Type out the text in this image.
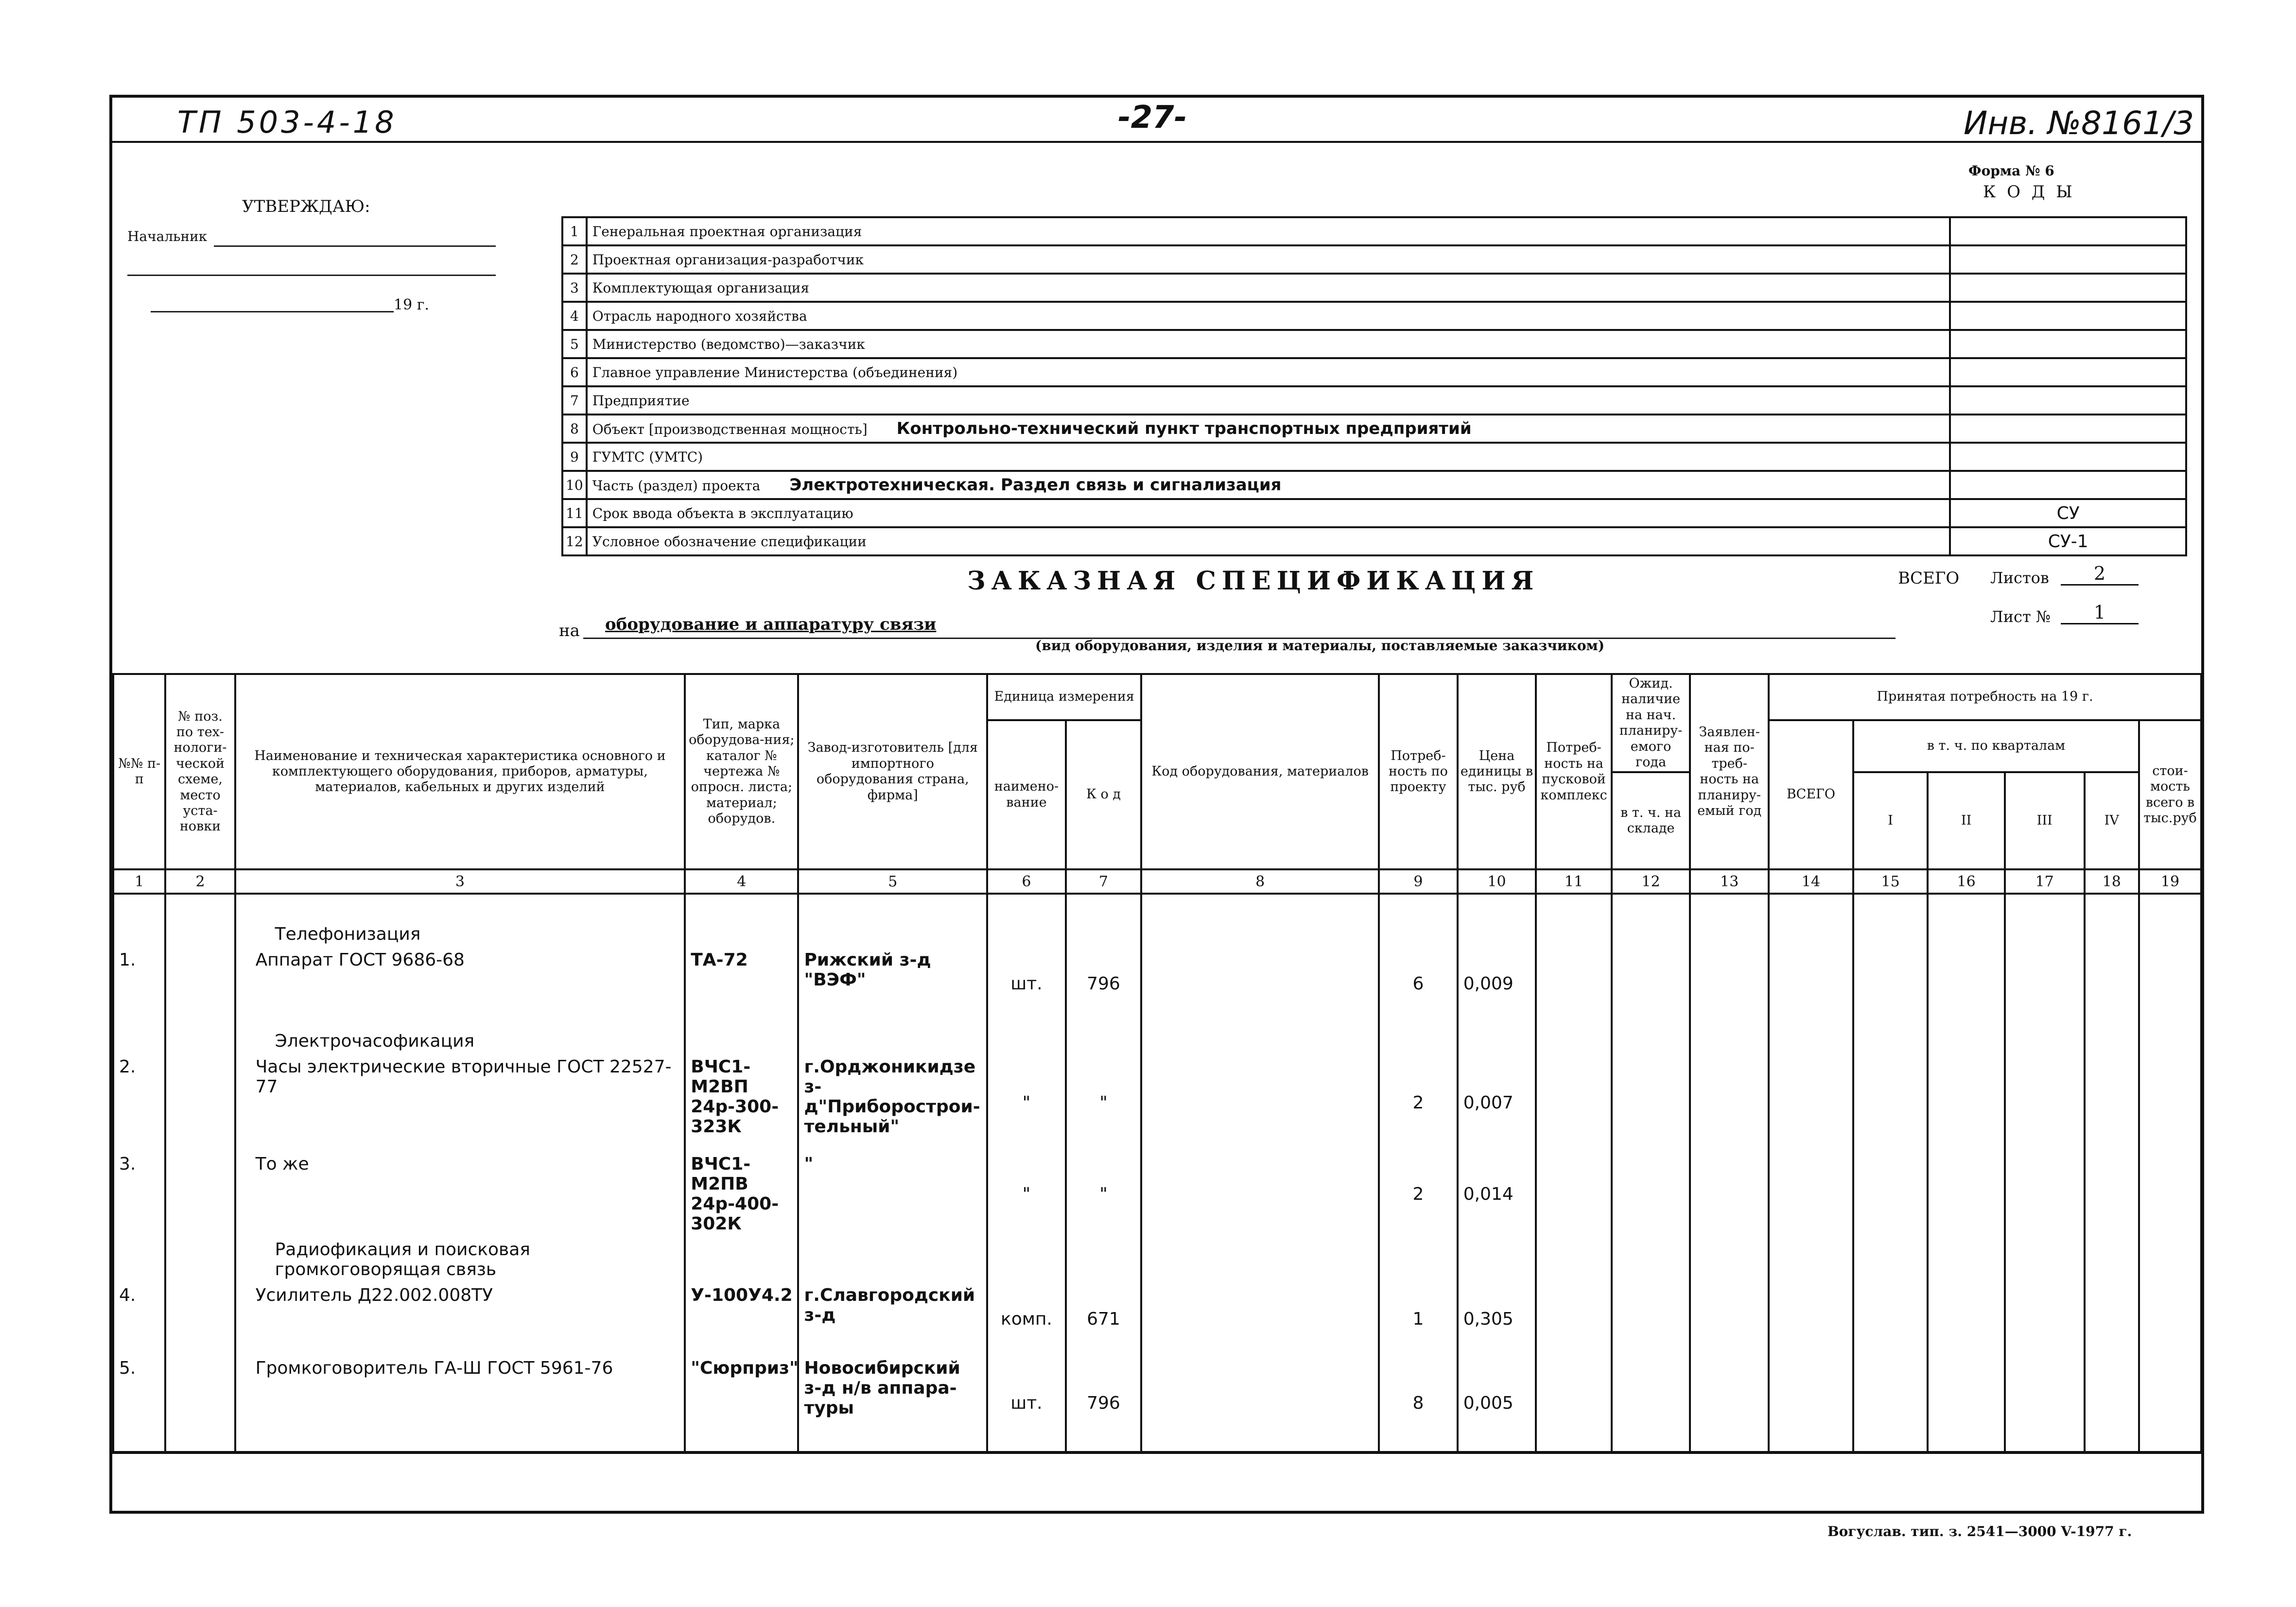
ТП 503-4-18	-27-	Инв. №8161/3
Форма № 6
К О Д Ы
УТВЕРЖДАЮ:
Начальник
19 г.
1	Генеральная проектная организация	
2	Проектная организация-разработчик	
3	Комплектующая организация	
4	Отрасль народного хозяйства	
5	Министерство (ведомство)—заказчик	
6	Главное управление Министерства (объединения)	
7	Предприятие	
8	Объект [производственная мощность] Контрольно-технический пункт транспортных предприятий	
9	ГУМТС (УМТС)	
10	Часть (раздел) проекта Электротехническая. Раздел связь и сигнализация	
11	Срок ввода объекта в эксплуатацию	СУ
12	Условное обозначение спецификации	СУ-1
ЗАКАЗНАЯ СПЕЦИФИКАЦИЯ
на оборудование и аппаратуру связи
(вид оборудования, изделия и материалы, поставляемые заказчиком)
ВСЕГО Листов	2
Лист №	1
№№ п-п	№ поз. по тех-нологи-ческой схеме, место уста-новки	Наименование и техническая характеристика основного и комплектующего оборудования, приборов, арматуры, материалов, кабельных и других изделий	Тип, марка оборудова-ния; каталог № чертежа № опросн. листа; материал; оборудов.	Завод-изготовитель [для импортного оборудования страна, фирма]	Единица измерения		Код оборудования, материалов	Потреб-ность по проекту	Цена единицы в тыс. руб	Потреб-ность на пусковой комплекс	Ожид. наличие на нач. планиру-емого года	Заявлен-ная по-треб-ность на планиру-емый год	Принятая потребность на 19 г.					
					наимено-вание	К о д							ВСЕГО	в т. ч. по кварталам				стои-мость всего в тыс.руб
											в т. ч. на складе			I	II	III	IV	
1	2	3	4	5	6	7	8	9	10	11	12	13	14	15	16	17	18	19
		Телефонизация																
1.		Аппарат ГОСТ 9686-68	ТА-72	Рижский з-д "ВЭФ"	шт.	796		6	0,009									
		Электрочасофикация																
2.		Часы электрические вторичные ГОСТ 22527-77	ВЧС1-М2ВП 24р-300-323К	г.Орджоникидзе з-д"Приборострои-тельный"	"	"		2	0,007									
3.		То же	ВЧС1-М2ПВ 24р-400-302К	"	"	"		2	0,014									
		Радиофикация и поисковая громкоговорящая связь																
4.		Усилитель Д22.002.008ТУ	У-100У4.2	г.Славгородский з-д	комп.	671		1	0,305									
5.		Громкоговоритель ГА-Ш ГОСТ 5961-76	"Сюрприз"	Новосибирский з-д н/в аппара-туры	шт.	796		8	0,005									
Вогуслав. тип. з. 2541—3000 V-1977 г.
